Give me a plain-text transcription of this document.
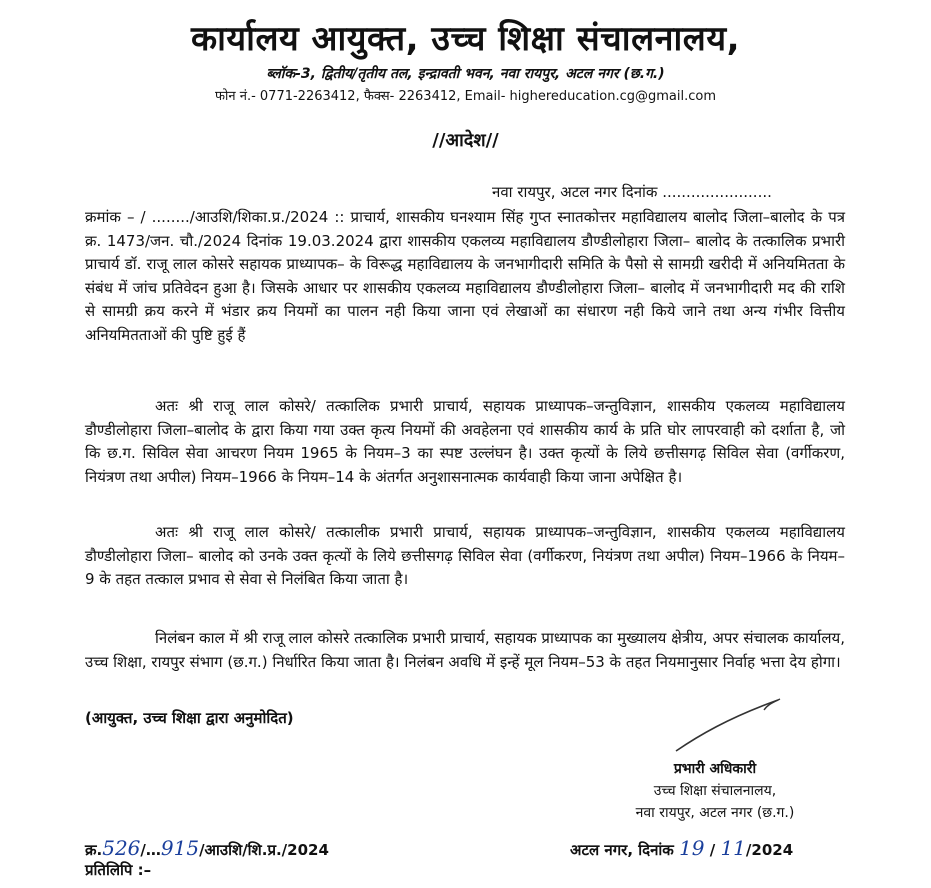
कार्यालय आयुक्त, उच्च शिक्षा संचालनालय,
ब्लॉक-3, द्वितीय/तृतीय तल, इन्द्रावती भवन, नवा रायपुर, अटल नगर (छ.ग.)
फोन नं.- 0771-2263412, फैक्स- 2263412, Email- highereducation.cg@gmail.com
//आदेश//
नवा रायपुर, अटल नगर दिनांक .......................
क्रमांक – / ......../आउशि/शिका.प्र./2024 :: प्राचार्य, शासकीय घनश्याम सिंह गुप्त स्नातकोत्तर महाविद्यालय बालोद जिला–बालोद के पत्र क्र. 1473/जन. चौ./2024 दिनांक 19.03.2024 द्वारा शासकीय एकलव्य महाविद्यालय डौण्डीलोहारा जिला– बालोद के तत्कालिक प्रभारी प्राचार्य डॉ. राजू लाल कोसरे सहायक प्राध्यापक– के विरूद्ध महाविद्यालय के जनभागीदारी समिति के पैसो से सामग्री खरीदी में अनियमितता के संबंध में जांच प्रतिवेदन हुआ है। जिसके आधार पर शासकीय एकलव्य महाविद्यालय डौण्डीलोहारा जिला– बालोद में जनभागीदारी मद की राशि से सामग्री क्रय करने में भंडार क्रय नियमों का पालन नही किया जाना एवं लेखाओं का संधारण नही किये जाने तथा अन्य गंभीर वित्तीय अनियमितताओं की पुष्टि हुई हैं
अतः श्री राजू लाल कोसरे/ तत्कालिक प्रभारी प्राचार्य, सहायक प्राध्यापक–जन्तुविज्ञान, शासकीय एकलव्य महाविद्यालय डौण्डीलोहारा जिला–बालोद के द्वारा किया गया उक्त कृत्य नियमों की अवहेलना एवं शासकीय कार्य के प्रति घोर लापरवाही को दर्शाता है, जो कि छ.ग. सिविल सेवा आचरण नियम 1965 के नियम–3 का स्पष्ट उल्लंघन है। उक्त कृत्यों के लिये छत्तीसगढ़ सिविल सेवा (वर्गीकरण, नियंत्रण तथा अपील) नियम–1966 के नियम–14 के अंतर्गत अनुशासनात्मक कार्यवाही किया जाना अपेक्षित है।
अतः श्री राजू लाल कोसरे/ तत्कालीक प्रभारी प्राचार्य, सहायक प्राध्यापक–जन्तुविज्ञान, शासकीय एकलव्य महाविद्यालय डौण्डीलोहारा जिला– बालोद को उनके उक्त कृत्यों के लिये छत्तीसगढ़ सिविल सेवा (वर्गीकरण, नियंत्रण तथा अपील) नियम–1966 के नियम–9 के तहत तत्काल प्रभाव से सेवा से निलंबित किया जाता है।
निलंबन काल में श्री राजू लाल कोसरे तत्कालिक प्रभारी प्राचार्य, सहायक प्राध्यापक का मुख्यालय क्षेत्रीय, अपर संचालक कार्यालय, उच्च शिक्षा, रायपुर संभाग (छ.ग.) निर्धारित किया जाता है। निलंबन अवधि में इन्हें मूल नियम–53 के तहत नियमानुसार निर्वाह भत्ता देय होगा।
(आयुक्त, उच्च शिक्षा द्वारा अनुमोदित)
प्रभारी अधिकारी
उच्च शिक्षा संचालनालय,
नवा रायपुर, अटल नगर (छ.ग.)
क्र.526/…915/आउशि/शि.प्र./2024	अटल नगर, दिनांक 19 / 11/2024
प्रतिलिपि :–
